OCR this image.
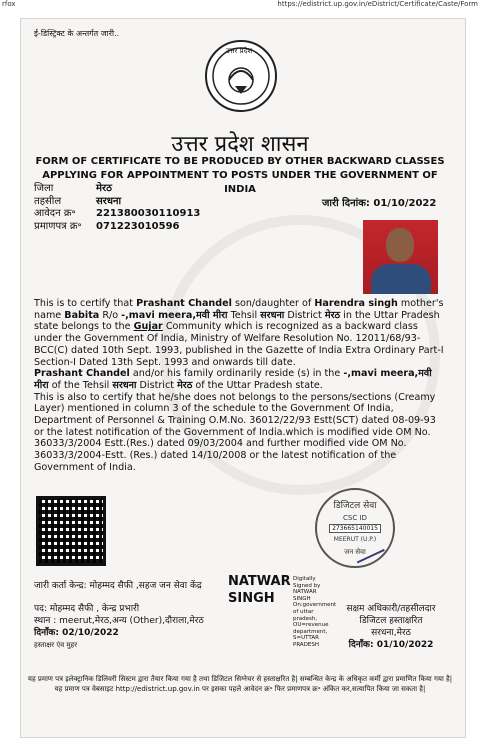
rfox	https://edistrict.up.gov.in/eDistrict/Certificate/Caste/Form
ई-डिस्ट्रिक्ट के अन्तर्गत जारी..
उत्तर प्रदेश
उत्तर प्रदेश शासन
FORM OF CERTIFICATE TO BE PRODUCED BY OTHER BACKWARD CLASSES
APPLYING FOR APPOINTMENT TO POSTS UNDER THE GOVERNMENT OF INDIA
जिला	मेरठ
तहसील	सरधना
आवेदन क्र॰	221380030110913
प्रमाणपत्र क्र॰	071223010596
जारी दिनांक: 01/10/2022

This is to certify that Prashant Chandel son/daughter of Harendra singh mother's name Babita R/o -,mavi meera,मवी मीरा Tehsil सरधना District मेरठ in the Uttar Pradesh state belongs to the Gujar Community which is recognized as a backward class under the Government Of India, Ministry of Welfare Resolution No. 12011/68/93-BCC(C) dated 10th Sept. 1993, published in the Gazette of India Extra Ordinary Part-I Section-I Dated 13th Sept. 1993 and onwards till date.

Prashant Chandel and/or his family ordinarily reside (s) in the -,mavi meera,मवी मीरा of the Tehsil सरधना District मेरठ of the Uttar Pradesh state.

This is also to certify that he/she does not belongs to the persons/sections (Creamy Layer) mentioned in column 3 of the schedule to the Government Of India, Department of Personnel & Training O.M.No. 36012/22/93 Estt(SCT) dated 08-09-93 or the latest notification of the Government of India.which is modified vide OM No. 36033/3/2004 Estt.(Res.) dated 09/03/2004 and further modified vide OM No. 36033/3/2004-Estt. (Res.) dated 14/10/2008 or the latest notification of the Government of India.

डिजिटल सेवा
CSC ID
273665140015
MEERUT (U.P.)
जन सेवा
जारी कर्ता केन्द्र: मोहम्मद सैफी ,सहज जन सेवा केंद्र NATWAR
SINGH
Digitally Signed by NATWAR SINGH On:government of uttar pradesh, OU=revenue department, S=UTTAR PRADESH
पद: मोहम्मद सैफी , केन्द्र प्रभारी
स्थान : meerut,मेरठ,अन्य (Other),दौराला,मेरठ
दिनाँक: 02/10/2022
हस्ताक्षर एंव मुहर
सक्षम अधिकारी/तहसीलदार
डिजिटल हस्ताक्षरित
सरधना,मेरठ
दिनाँक: 01/10/2022
यह प्रमाण पत्र इलेक्ट्रानिक डिलिवरी सिस्टम द्वारा तैयार किया गया है तथा डिजिटल सिग्नेचर से हस्ताक्षरित है| सम्बन्धित केन्द्र के अधिकृत कर्मी द्वारा प्रमाणित किया गया है| यह प्रमाण पत्र वेबसाइट http://edistrict.up.gov.in पर इसका पहले आवेदन क्र॰ फिर प्रमाणपत्र क्र॰ अंकित कर,सत्यापित किया जा सकता है|
